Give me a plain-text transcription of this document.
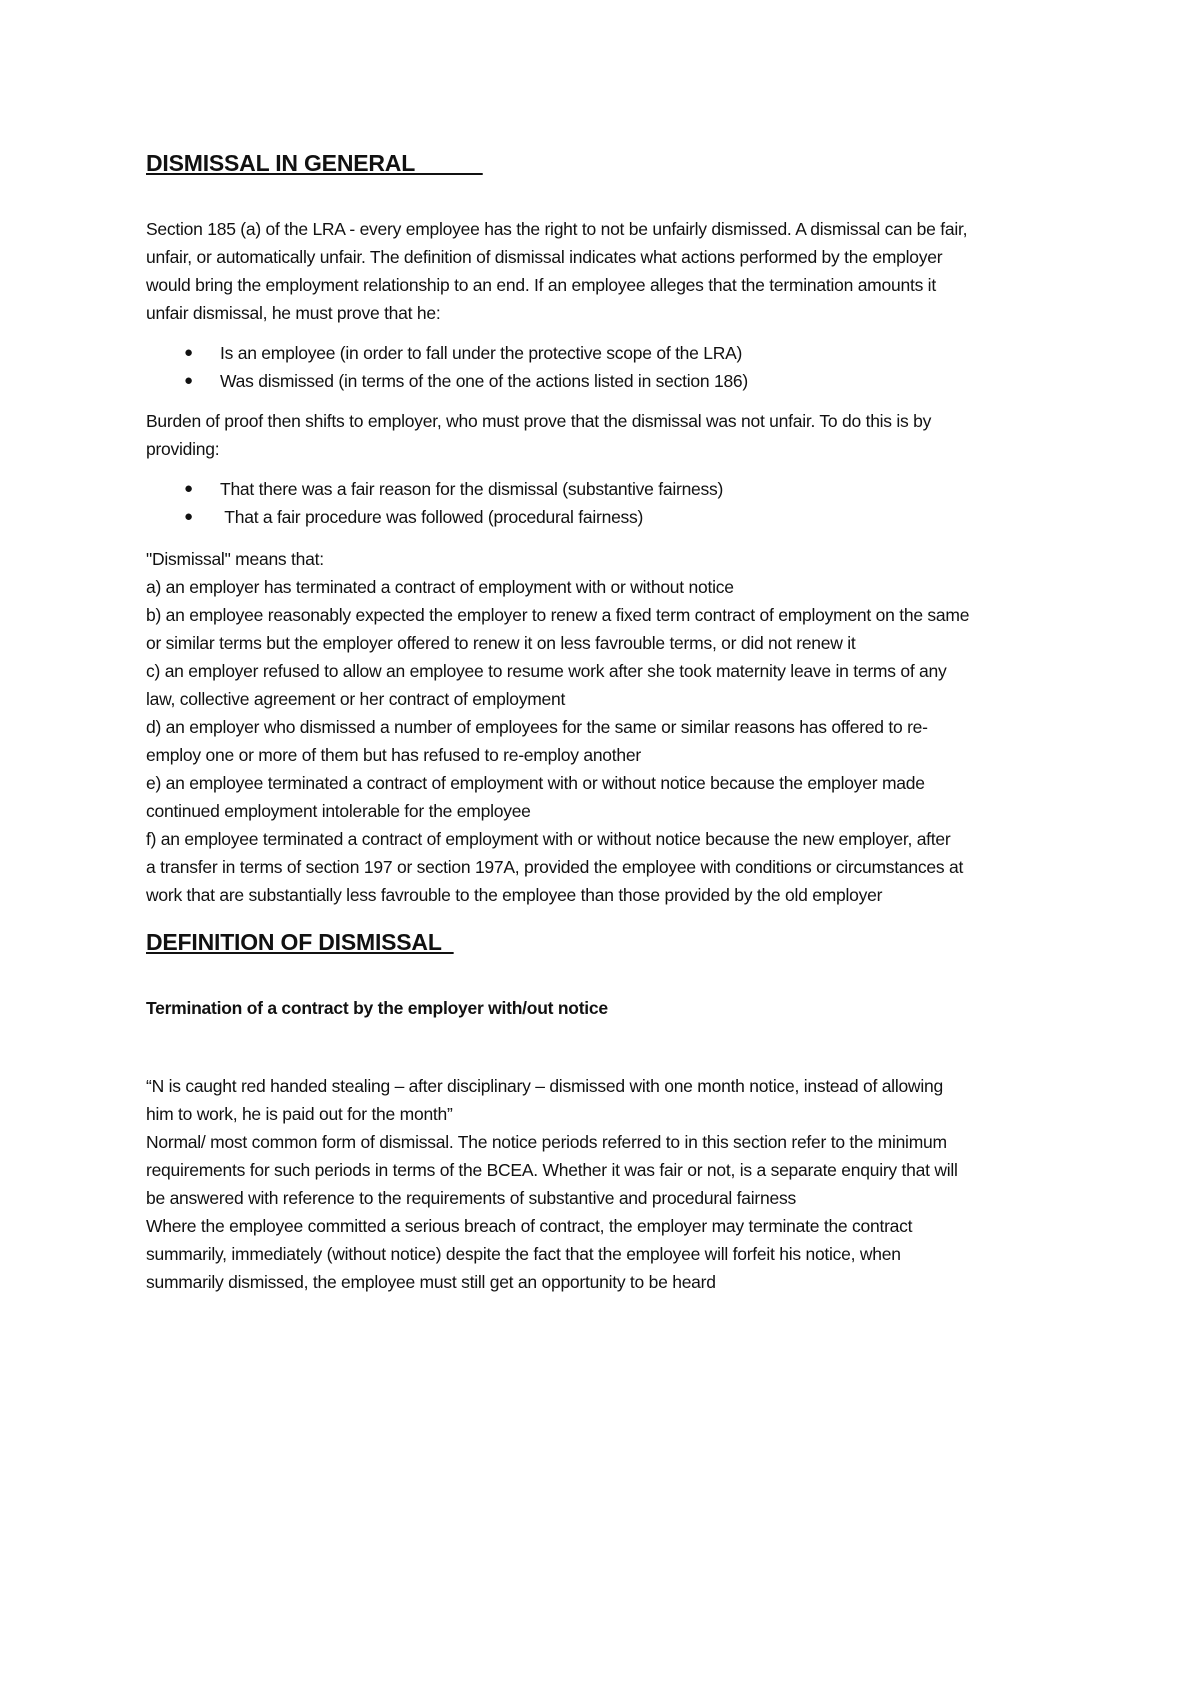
DISMISSAL IN GENERAL

Section 185 (a) of the LRA - every employee has the right to not be unfairly dismissed. A dismissal can be fair,

unfair, or automatically unfair. The definition of dismissal indicates what actions performed by the employer

would bring the employment relationship to an end. If an employee alleges that the termination amounts it

unfair dismissal, he must prove that he:

● Is an employee (in order to fall under the protective scope of the LRA)
● Was dismissed (in terms of the one of the actions listed in section 186)

Burden of proof then shifts to employer, who must prove that the dismissal was not unfair. To do this is by

providing:

● That there was a fair reason for the dismissal (substantive fairness)
● That a fair procedure was followed (procedural fairness)

"Dismissal" means that:

a) an employer has terminated a contract of employment with or without notice

b) an employee reasonably expected the employer to renew a fixed term contract of employment on the same

or similar terms but the employer offered to renew it on less favrouble terms, or did not renew it

c) an employer refused to allow an employee to resume work after she took maternity leave in terms of any

law, collective agreement or her contract of employment

d) an employer who dismissed a number of employees for the same or similar reasons has offered to re-

employ one or more of them but has refused to re-employ another

e) an employee terminated a contract of employment with or without notice because the employer made

continued employment intolerable for the employee

f) an employee terminated a contract of employment with or without notice because the new employer, after

a transfer in terms of section 197 or section 197A, provided the employee with conditions or circumstances at

work that are substantially less favrouble to the employee than those provided by the old employer

DEFINITION OF DISMISSAL

Termination of a contract by the employer with/out notice

“N is caught red handed stealing – after disciplinary – dismissed with one month notice, instead of allowing

him to work, he is paid out for the month”

Normal/ most common form of dismissal. The notice periods referred to in this section refer to the minimum

requirements for such periods in terms of the BCEA. Whether it was fair or not, is a separate enquiry that will

be answered with reference to the requirements of substantive and procedural fairness

Where the employee committed a serious breach of contract, the employer may terminate the contract

summarily, immediately (without notice) despite the fact that the employee will forfeit his notice, when

summarily dismissed, the employee must still get an opportunity to be heard
